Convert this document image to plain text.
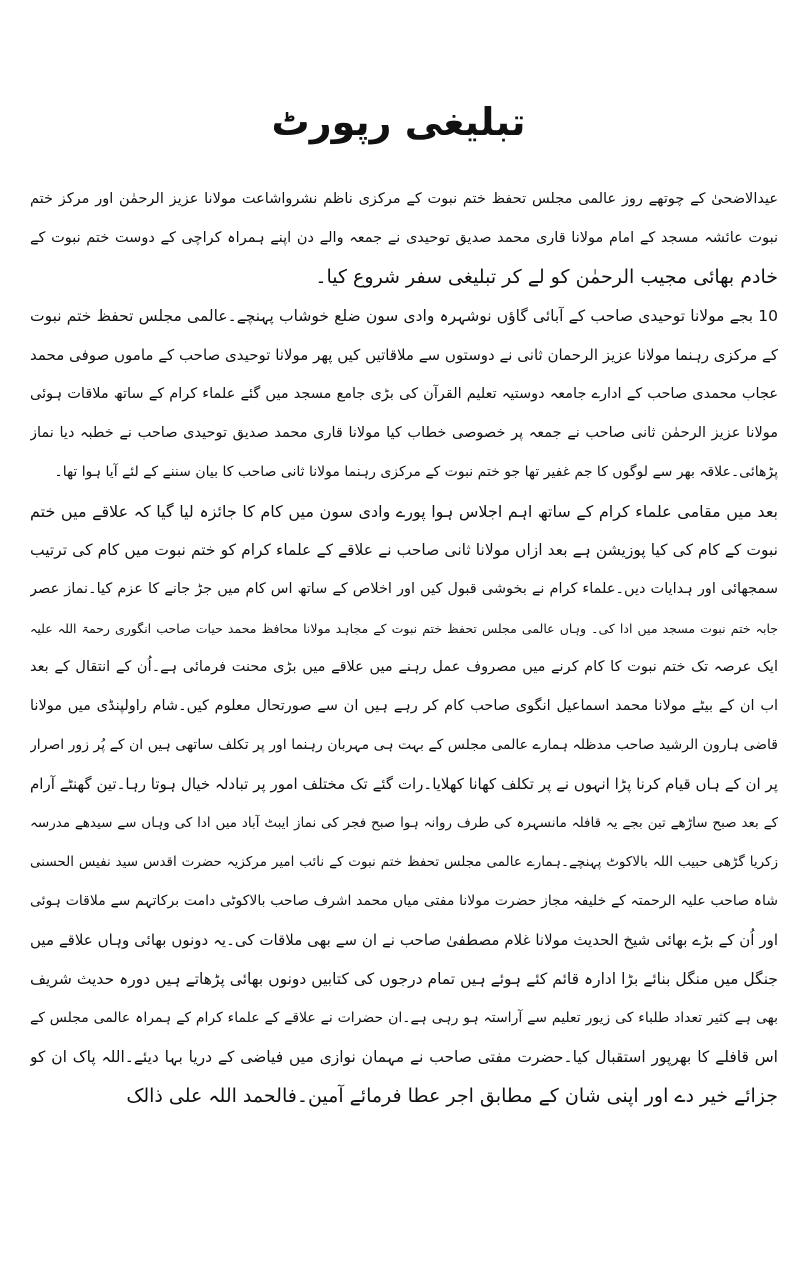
تبلیغی رپورٹ
عیدالاضحیٰ کے چوتھے روز عالمی مجلس تحفظ ختم نبوت کے مرکزی ناظم نشرواشاعت مولانا عزیز الرحمٰن اور مرکز ختم
نبوت عائشہ مسجد کے امام مولانا قاری محمد صدیق توحیدی نے جمعہ والے دن اپنے ہمراہ کراچی کے دوست ختم نبوت کے
خادم بھائی مجیب الرحمٰن کو لے کر تبلیغی سفر شروع کیا۔
10 بجے مولانا توحیدی صاحب کے آبائی گاؤں نوشہرہ وادی سون ضلع خوشاب پہنچے۔عالمی مجلس تحفظ ختم نبوت
کے مرکزی رہنما مولانا عزیز الرحمان ثانی نے دوستوں سے ملاقاتیں کیں پھر مولانا توحیدی صاحب کے ماموں صوفی محمد
عجاب محمدی صاحب کے ادارے جامعہ دوستیہ تعلیم القرآن کی بڑی جامع مسجد میں گئے علماء کرام کے ساتھ ملاقات ہوئی
مولانا عزیز الرحمٰن ثانی صاحب نے جمعہ پر خصوصی خطاب کیا مولانا قاری محمد صدیق توحیدی صاحب نے خطبہ دیا نماز
پڑھائی۔علاقہ بھر سے لوگوں کا جم غفیر تھا جو ختم نبوت کے مرکزی رہنما مولانا ثانی صاحب کا بیان سننے کے لئے آیا ہوا تھا۔
بعد میں مقامی علماء کرام کے ساتھ اہم اجلاس ہوا پورے وادی سون میں کام کا جائزہ لیا گیا کہ علاقے میں ختم
نبوت کے کام کی کیا پوزیشن ہے بعد ازاں مولانا ثانی صاحب نے علاقے کے علماء کرام کو ختم نبوت میں کام کی ترتیب
سمجھائی اور ہدایات دیں۔علماء کرام نے بخوشی قبول کیں اور اخلاص کے ساتھ اس کام میں جڑ جانے کا عزم کیا۔نماز عصر
جابہ ختم نبوت مسجد میں ادا کی۔ وہاں عالمی مجلس تحفظ ختم نبوت کے مجاہد مولانا محافظ محمد حیات صاحب انگوری رحمۃ اللہ علیہ
ایک عرصہ تک ختم نبوت کا کام کرنے میں مصروف عمل رہنے میں علاقے میں بڑی محنت فرمائی ہے۔اُن کے انتقال کے بعد
اب ان کے بیٹے مولانا محمد اسماعیل انگوی صاحب کام کر رہے ہیں ان سے صورتحال معلوم کیں۔شام راولپنڈی میں مولانا
قاضی ہارون الرشید صاحب مدظلہ ہمارے عالمی مجلس کے بہت ہی مہربان رہنما اور پر تکلف ساتھی ہیں ان کے پُر زور اصرار
پر ان کے ہاں قیام کرنا پڑا انہوں نے پر تکلف کھانا کھلایا۔رات گئے تک مختلف امور پر تبادلہ خیال ہوتا رہا۔تین گھنٹے آرام
کے بعد صبح ساڑھے تین بجے یہ قافلہ مانسہرہ کی طرف روانہ ہوا صبح فجر کی نماز ایبٹ آباد میں ادا کی وہاں سے سیدھے مدرسہ
زکریا گڑھی حبیب اللہ بالاکوٹ پہنچے۔ہمارے عالمی مجلس تحفظ ختم نبوت کے نائب امیر مرکزیہ حضرت اقدس سید نفیس الحسنی
شاہ صاحب علیہ الرحمتہ کے خلیفہ مجاز حضرت مولانا مفتی میاں محمد اشرف صاحب بالاکوٹی دامت برکاتہم سے ملاقات ہوئی
اور اُن کے بڑے بھائی شیخ الحدیث مولانا غلام مصطفیٰ صاحب نے ان سے بھی ملاقات کی۔یہ دونوں بھائی وہاں علاقے میں
جنگل میں منگل بنائے بڑا ادارہ قائم کئے ہوئے ہیں تمام درجوں کی کتابیں دونوں بھائی پڑھاتے ہیں دورہ حدیث شریف
بھی ہے کثیر تعداد طلباء کی زیور تعلیم سے آراستہ ہو رہی ہے۔ان حضرات نے علاقے کے علماء کرام کے ہمراہ عالمی مجلس کے
اس قافلے کا بھرپور استقبال کیا۔حضرت مفتی صاحب نے مہمان نوازی میں فیاضی کے دریا بہا دیئے۔اللہ پاک ان کو
جزائے خیر دے اور اپنی شان کے مطابق اجر عطا فرمائے آمین۔فالحمد اللہ علی ذالک
